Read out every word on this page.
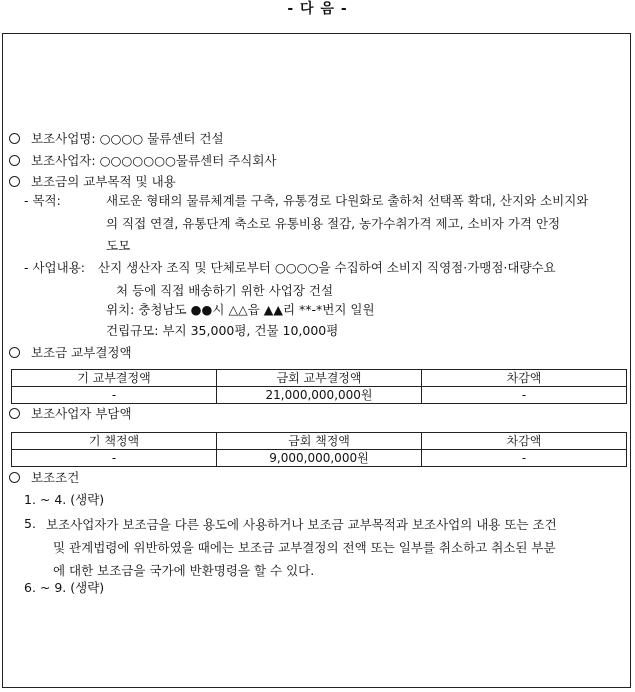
- 다 음 -
보조사업명: ○○○○ 물류센터 건설
보조사업자: ○○○○○○○물류센터 주식회사
보조금의 교부목적 및 내용
- 목적:	새로운 형태의 물류체계를 구축, 유통경로 다원화로 출하처 선택폭 확대, 산지와 소비지와
의 직접 연결, 유통단계 축소로 유통비용 절감, 농가수취가격 제고, 소비자 가격 안정
도모
- 사업내용: 산지 생산자 조직 및 단체로부터 ○○○○을 수집하여 소비지 직영점·가맹점·대량수요
처 등에 직접 배송하기 위한 사업장 건설
위치: 충청남도 ●●시 △△읍 ▲▲리 **-*번지 일원
건립규모: 부지 35,000평, 건물 10,000평
보조금 교부결정액
기 교부결정액	금회 교부결정액	차감액
-	21,000,000,000원	-
보조사업자 부담액
기 책정액	금회 책정액	차감액
-	9,000,000,000원	-
보조조건
1. ~ 4. (생략)
5. 보조사업자가 보조금을 다른 용도에 사용하거나 보조금 교부목적과 보조사업의 내용 또는 조건
및 관계법령에 위반하였을 때에는 보조금 교부결정의 전액 또는 일부를 취소하고 취소된 부분
에 대한 보조금을 국가에 반환명령을 할 수 있다.
6. ~ 9. (생략)
